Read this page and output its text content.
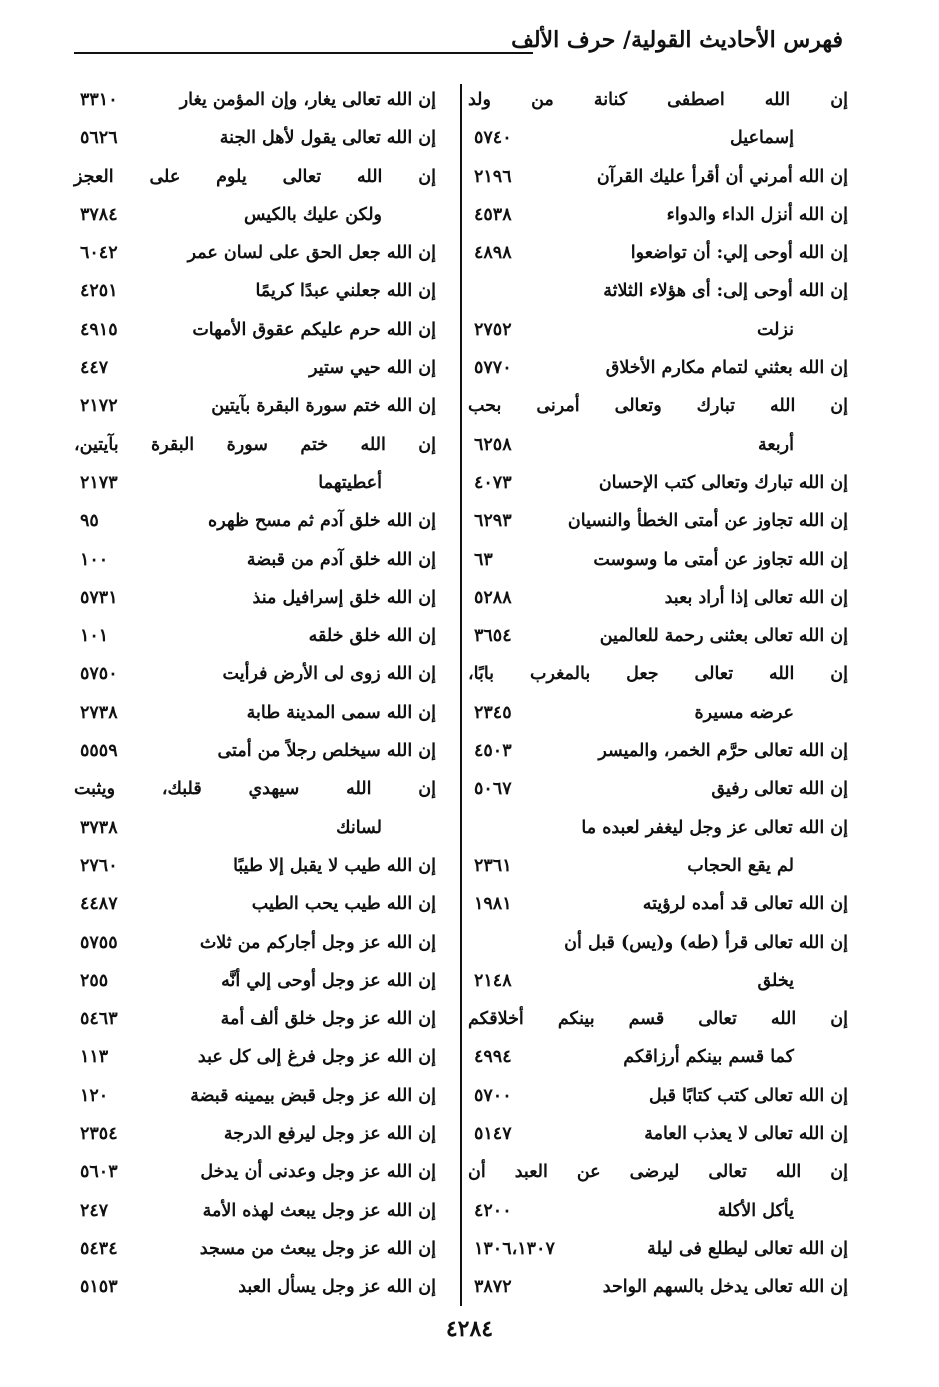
فهرس الأحاديث القولية/ حرف الألف
إن الله اصطفى كنانة من ولد
إسماعيل
٥٧٤٠
إن الله أمرني أن أقرأ عليك القرآن
٢١٩٦
إن الله أنزل الداء والدواء
٤٥٣٨
إن الله أوحى إلي: أن تواضعوا
٤٨٩٨
إن الله أوحى إلى: أى هؤلاء الثلاثة
نزلت
٢٧٥٢
إن الله بعثني لتمام مكارم الأخلاق
٥٧٧٠
إن الله تبارك وتعالى أمرنى بحب
أربعة
٦٢٥٨
إن الله تبارك وتعالى كتب الإحسان
٤٠٧٣
إن الله تجاوز عن أمتى الخطأ والنسيان
٦٢٩٣
إن الله تجاوز عن أمتى ما وسوست
٦٣
إن الله تعالى إذا أراد بعبد
٥٢٨٨
إن الله تعالى بعثنى رحمة للعالمين
٣٦٥٤
إن الله تعالى جعل بالمغرب بابًا،
عرضه مسيرة
٢٣٤٥
إن الله تعالى حرَّم الخمر، والميسر
٤٥٠٣
إن الله تعالى رفيق
٥٠٦٧
إن الله تعالى عز وجل ليغفر لعبده ما
لم يقع الحجاب
٢٣٦١
إن الله تعالى قد أمده لرؤيته
١٩٨١
إن الله تعالى قرأ (طه) و(يس) قبل أن
يخلق
٢١٤٨
إن الله تعالى قسم بينكم أخلاقكم
كما قسم بينكم أرزاقكم
٤٩٩٤
إن الله تعالى كتب كتابًا قبل
٥٧٠٠
إن الله تعالى لا يعذب العامة
٥١٤٧
إن الله تعالى ليرضى عن العبد أن
يأكل الأكلة
٤٢٠٠
إن الله تعالى ليطلع فى ليلة
١٣٠٦،١٣٠٧
إن الله تعالى يدخل بالسهم الواحد
٣٨٧٢
إن الله تعالى يغار، وإن المؤمن يغار
٣٣١٠
إن الله تعالى يقول لأهل الجنة
٥٦٢٦
إن الله تعالى يلوم على العجز
ولكن عليك بالكيس
٣٧٨٤
إن الله جعل الحق على لسان عمر
٦٠٤٢
إن الله جعلني عبدًا كريمًا
٤٢٥١
إن الله حرم عليكم عقوق الأمهات
٤٩١٥
إن الله حيي ستير
٤٤٧
إن الله ختم سورة البقرة بآيتين
٢١٧٢
إن الله ختم سورة البقرة بآيتين،
أعطيتهما
٢١٧٣
إن الله خلق آدم ثم مسح ظهره
٩٥
إن الله خلق آدم من قبضة
١٠٠
إن الله خلق إسرافيل منذ
٥٧٣١
إن الله خلق خلقه
١٠١
إن الله زوى لى الأرض فرأيت
٥٧٥٠
إن الله سمى المدينة طابة
٢٧٣٨
إن الله سيخلص رجلاً من أمتى
٥٥٥٩
إن الله سيهدي قلبك، ويثبت
لسانك
٣٧٣٨
إن الله طيب لا يقبل إلا طيبًا
٢٧٦٠
إن الله طيب يحب الطيب
٤٤٨٧
إن الله عز وجل أجاركم من ثلاث
٥٧٥٥
إن الله عز وجل أوحى إلي أنَّه
٢٥٥
إن الله عز وجل خلق ألف أمة
٥٤٦٣
إن الله عز وجل فرغ إلى كل عبد
١١٣
إن الله عز وجل قبض بيمينه قبضة
١٢٠
إن الله عز وجل ليرفع الدرجة
٢٣٥٤
إن الله عز وجل وعدنى أن يدخل
٥٦٠٣
إن الله عز وجل يبعث لهذه الأمة
٢٤٧
إن الله عز وجل يبعث من مسجد
٥٤٣٤
إن الله عز وجل يسأل العبد
٥١٥٣
٤٢٨٤
